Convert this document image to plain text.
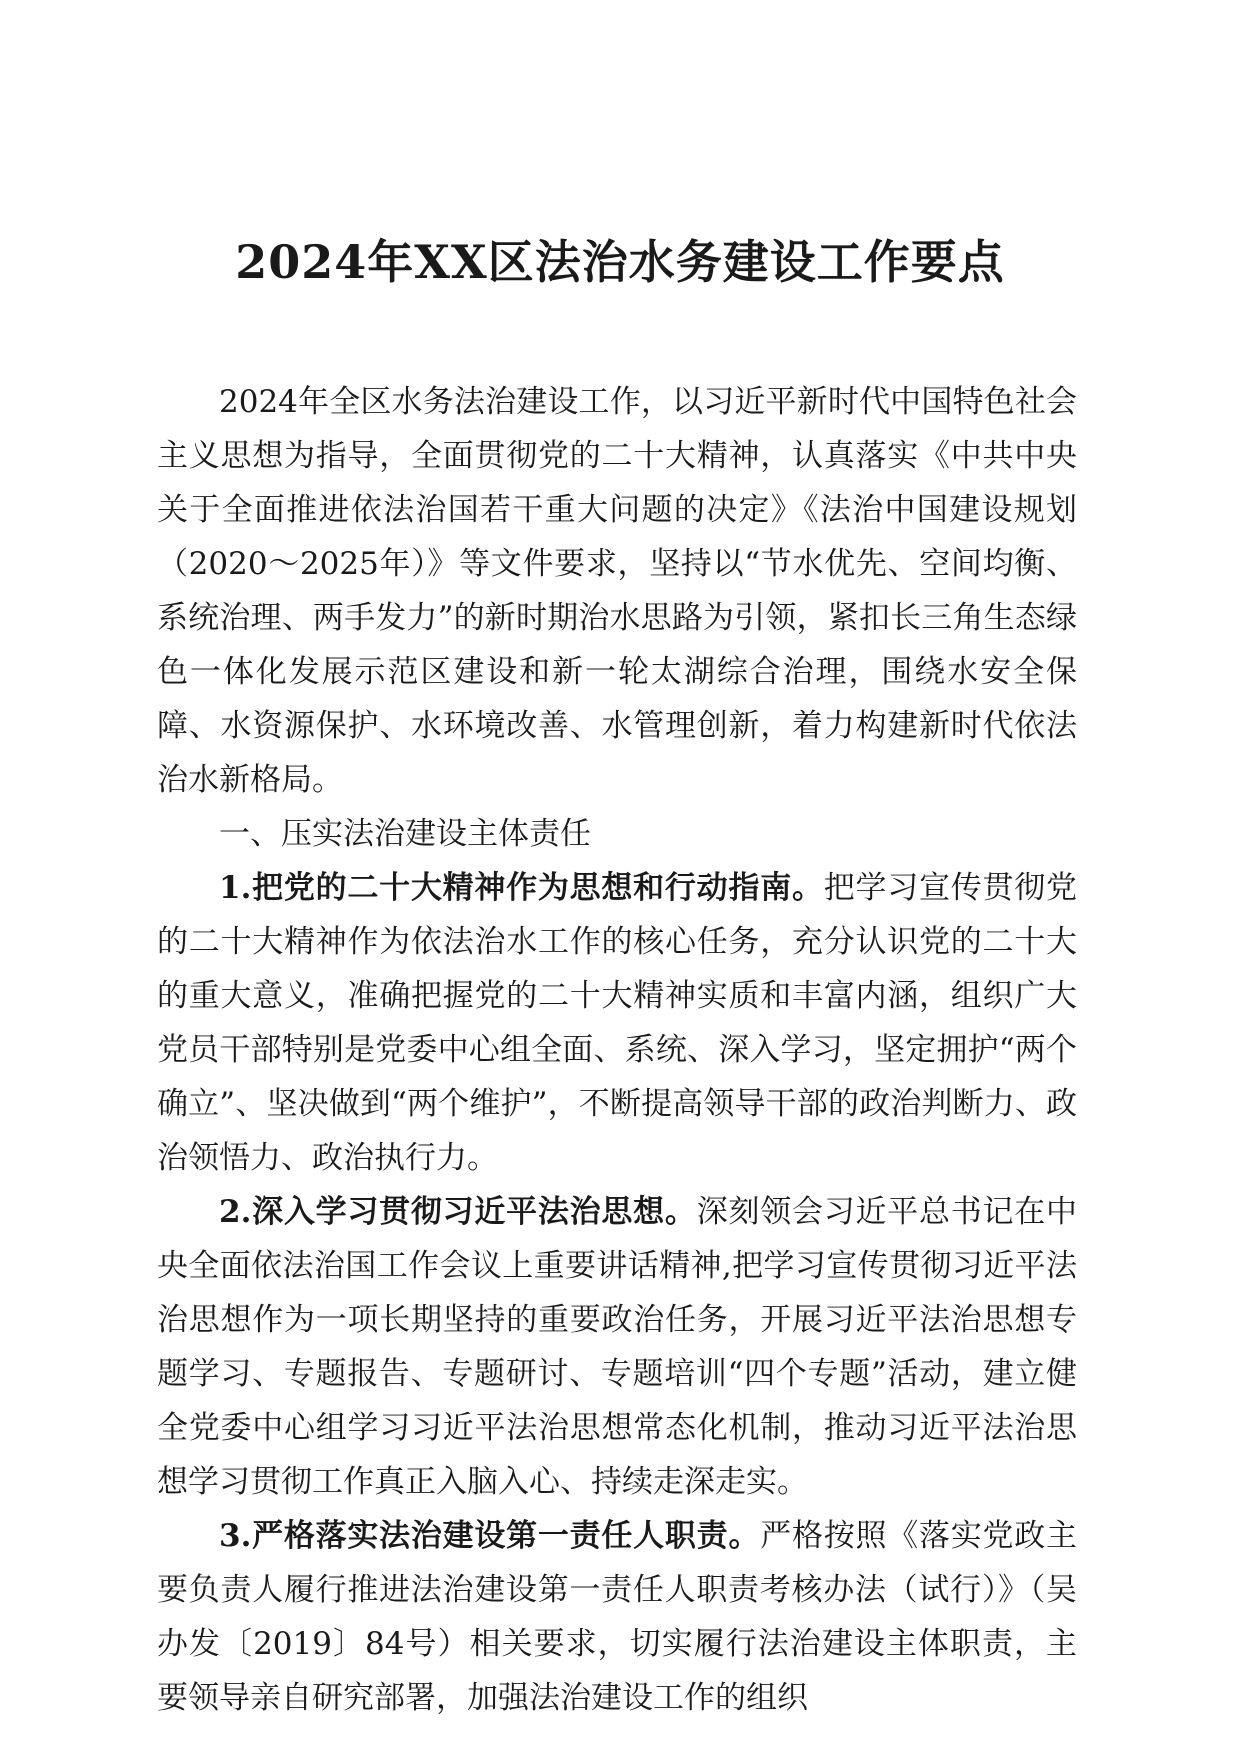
2024年XX区法治水务建设工作要点

2024年全区水务法治建设工作，以习近平新时代中国特色社会主义思想为指导，全面贯彻党的二十大精神，认真落实《中共中央关于全面推进依法治国若干重大问题的决定》《法治中国建设规划（2020～2025年）》等文件要求，坚持以“节水优先、空间均衡、系统治理、两手发力”的新时期治水思路为引领，紧扣长三角生态绿色一体化发展示范区建设和新一轮太湖综合治理，围绕水安全保障、水资源保护、水环境改善、水管理创新，着力构建新时代依法治水新格局。

一、压实法治建设主体责任

1.把党的二十大精神作为思想和行动指南。把学习宣传贯彻党的二十大精神作为依法治水工作的核心任务，充分认识党的二十大的重大意义，准确把握党的二十大精神实质和丰富内涵，组织广大党员干部特别是党委中心组全面、系统、深入学习，坚定拥护“两个确立”、坚决做到“两个维护”，不断提高领导干部的政治判断力、政治领悟力、政治执行力。

2.深入学习贯彻习近平法治思想。深刻领会习近平总书记在中央全面依法治国工作会议上重要讲话精神,把学习宣传贯彻习近平法治思想作为一项长期坚持的重要政治任务，开展习近平法治思想专题学习、专题报告、专题研讨、专题培训“四个专题”活动，建立健全党委中心组学习习近平法治思想常态化机制，推动习近平法治思想学习贯彻工作真正入脑入心、持续走深走实。

3.严格落实法治建设第一责任人职责。严格按照《落实党政主要负责人履行推进法治建设第一责任人职责考核办法（试行）》（吴办发〔2019〕84号）相关要求，切实履行法治建设主体职责，主要领导亲自研究部署，加强法治建设工作的组织
